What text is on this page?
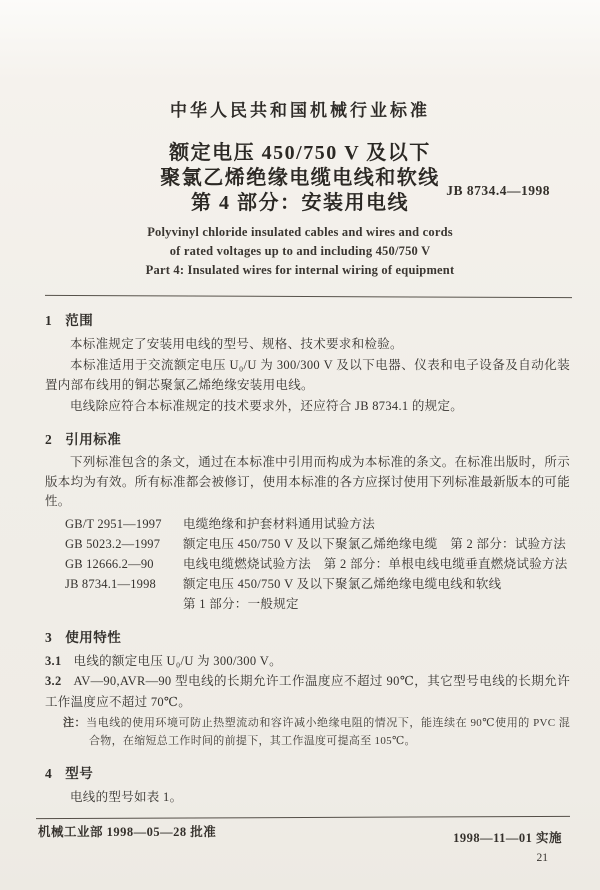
中华人民共和国机械行业标准
额定电压 450/750 V 及以下
聚氯乙烯绝缘电缆电线和软线
第 4 部分：安装用电线

Polyvinyl chloride insulated cables and wires and cords

of rated voltages up to and including 450/750 V

Part 4: Insulated wires for internal wiring of equipment

JB 8734.4—1998
1 范围

本标准规定了安装用电线的型号、规格、技术要求和检验。

本标准适用于交流额定电压 U₀/U 为 300/300 V 及以下电器、仪表和电子设备及自动化装置内部布线用的铜芯聚氯乙烯绝缘安装用电线。

电线除应符合本标准规定的技术要求外，还应符合 JB 8734.1 的规定。

2 引用标准

下列标准包含的条文，通过在本标准中引用而构成为本标准的条文。在标准出版时，所示版本均为有效。所有标准都会被修订，使用本标准的各方应探讨使用下列标准最新版本的可能性。

GB/T 2951—1997	电缆绝缘和护套材料通用试验方法
GB 5023.2—1997	额定电压 450/750 V 及以下聚氯乙烯绝缘电缆　第 2 部分：试验方法
GB 12666.2—90	电线电缆燃烧试验方法　第 2 部分：单根电线电缆垂直燃烧试验方法
JB 8734.1—1998	额定电压 450/750 V 及以下聚氯乙烯绝缘电缆电线和软线
第 1 部分：一般规定
3 使用特性

3.1 电线的额定电压 U₀/U 为 300/300 V。

3.2 AV—90,AVR—90 型电线的长期允许工作温度应不超过 90℃，其它型号电线的长期允许工作温度应不超过 70℃。

注：当电线的使用环境可防止热塑流动和容许减小绝缘电阻的情况下，能连续在 90℃使用的 PVC 混合物，在缩短总工作时间的前提下，其工作温度可提高至 105℃。

4 型号

电线的型号如表 1。

机械工业部 1998—05—28 批准	1998—11—01 实施
21
